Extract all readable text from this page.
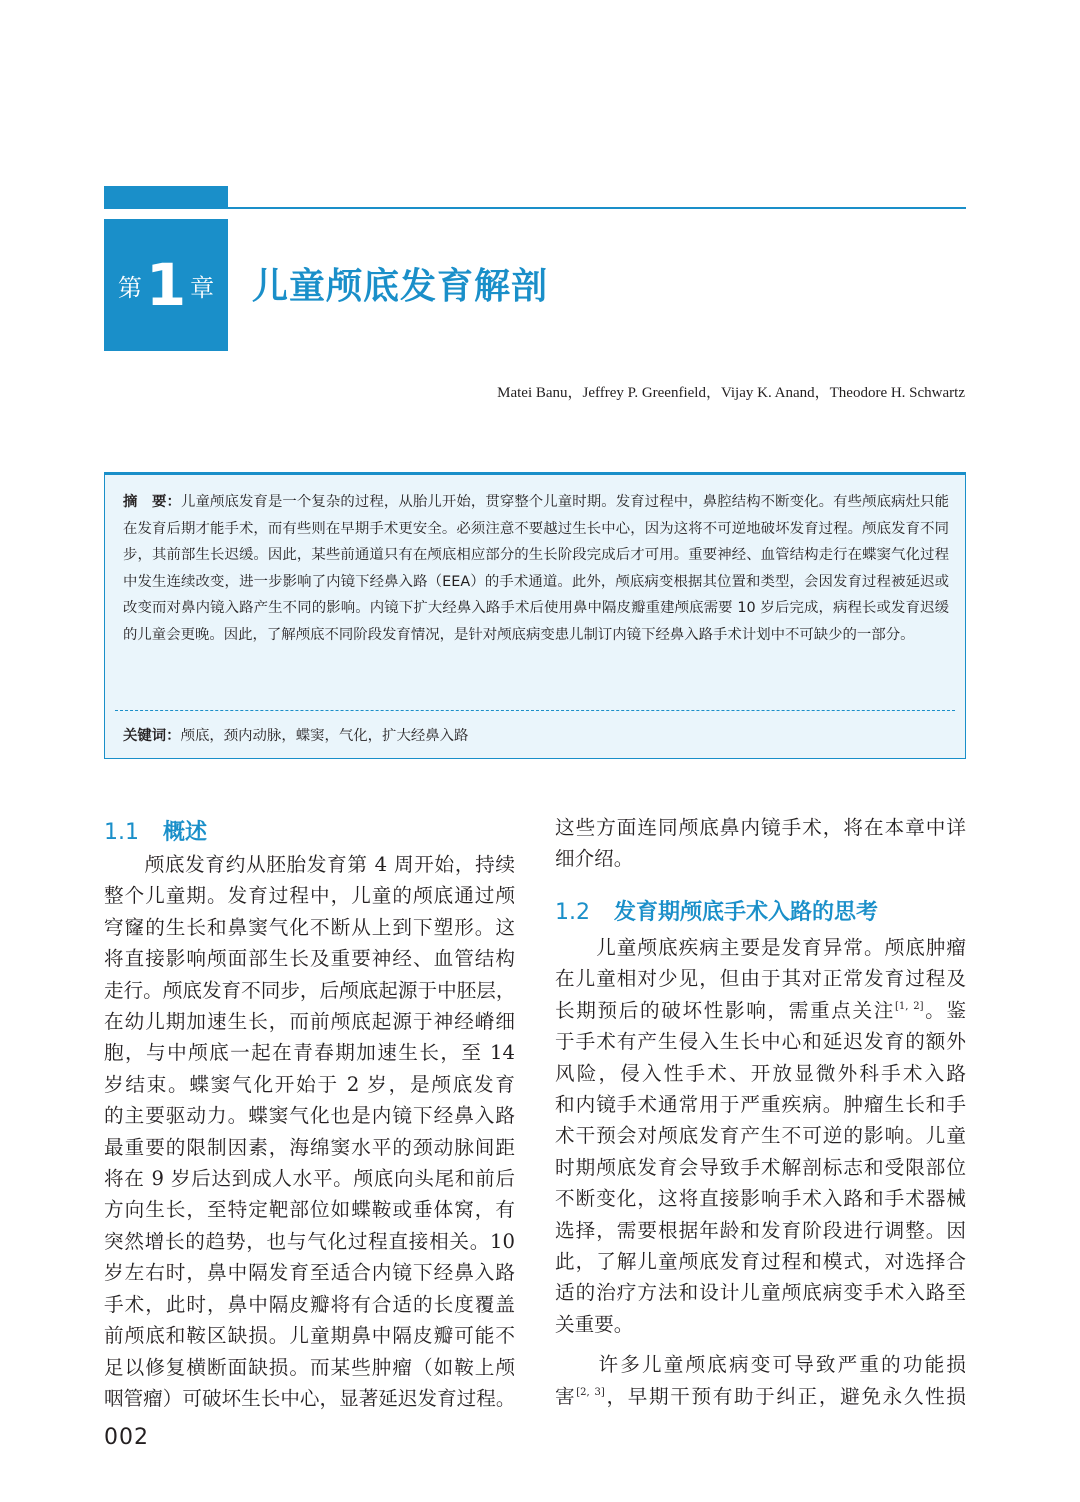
第 1 章 儿童颅底发育解剖
Matei Banu，Jeffrey P. Greenfield，Vijay K. Anand，Theodore H. Schwartz
摘　要：儿童颅底发育是一个复杂的过程，从胎儿开始，贯穿整个儿童时期。发育过程中，鼻腔结构不断变化。有些颅底病灶只能在发育后期才能手术，而有些则在早期手术更安全。必须注意不要越过生长中心，因为这将不可逆地破坏发育过程。颅底发育不同步，其前部生长迟缓。因此，某些前通道只有在颅底相应部分的生长阶段完成后才可用。重要神经、血管结构走行在蝶窦气化过程中发生连续改变，进一步影响了内镜下经鼻入路（EEA）的手术通道。此外，颅底病变根据其位置和类型，会因发育过程被延迟或改变而对鼻内镜入路产生不同的影响。内镜下扩大经鼻入路手术后使用鼻中隔皮瓣重建颅底需要 10 岁后完成，病程长或发育迟缓的儿童会更晚。因此，了解颅底不同阶段发育情况，是针对颅底病变患儿制订内镜下经鼻入路手术计划中不可缺少的一部分。
关键词：颅底，颈内动脉，蝶窦，气化，扩大经鼻入路
1.1 概述
　　颅底发育约从胚胎发育第 4 周开始，持续
整个儿童期。发育过程中，儿童的颅底通过颅
穹窿的生长和鼻窦气化不断从上到下塑形。这
将直接影响颅面部生长及重要神经、血管结构
走行。颅底发育不同步，后颅底起源于中胚层，
在幼儿期加速生长，而前颅底起源于神经嵴细
胞，与中颅底一起在青春期加速生长，至 14
岁结束。蝶窦气化开始于 2 岁，是颅底发育
的主要驱动力。蝶窦气化也是内镜下经鼻入路
最重要的限制因素，海绵窦水平的颈动脉间距
将在 9 岁后达到成人水平。颅底向头尾和前后
方向生长，至特定靶部位如蝶鞍或垂体窝，有
突然增长的趋势，也与气化过程直接相关。10
岁左右时，鼻中隔发育至适合内镜下经鼻入路
手术，此时，鼻中隔皮瓣将有合适的长度覆盖
前颅底和鞍区缺损。儿童期鼻中隔皮瓣可能不
足以修复横断面缺损。而某些肿瘤（如鞍上颅
咽管瘤）可破坏生长中心，显著延迟发育过程。
这些方面连同颅底鼻内镜手术，将在本章中详
细介绍。
1.2 发育期颅底手术入路的思考
　　儿童颅底疾病主要是发育异常。颅底肿瘤
在儿童相对少见，但由于其对正常发育过程及
长期预后的破坏性影响，需重点关注[1, 2]。鉴
于手术有产生侵入生长中心和延迟发育的额外
风险，侵入性手术、开放显微外科手术入路
和内镜手术通常用于严重疾病。肿瘤生长和手
术干预会对颅底发育产生不可逆的影响。儿童
时期颅底发育会导致手术解剖标志和受限部位
不断变化，这将直接影响手术入路和手术器械
选择，需要根据年龄和发育阶段进行调整。因
此，了解儿童颅底发育过程和模式，对选择合
适的治疗方法和设计儿童颅底病变手术入路至
关重要。
　　许多儿童颅底病变可导致严重的功能损
害[2, 3]，早期干预有助于纠正，避免永久性损
002
